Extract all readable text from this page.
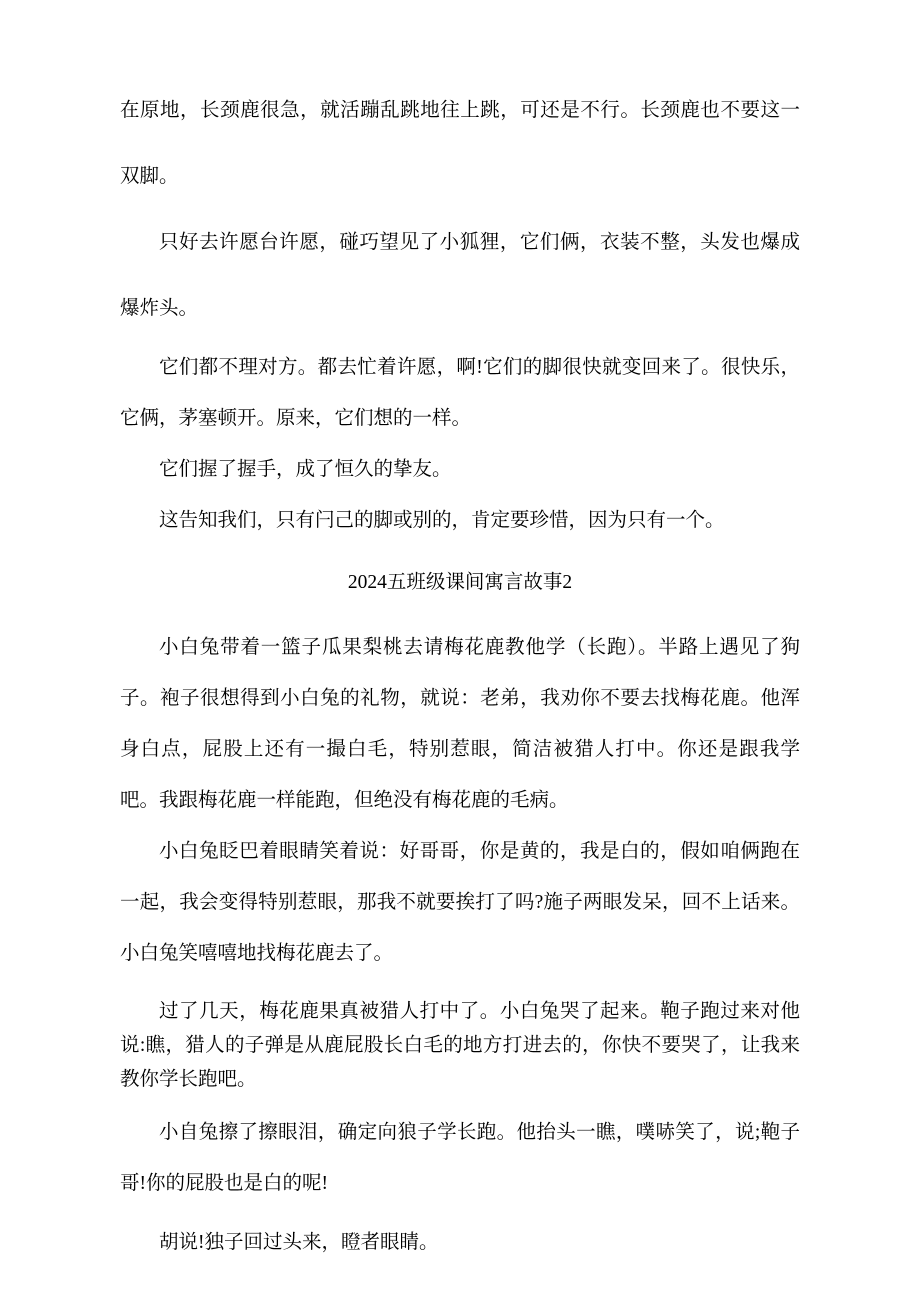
在原地，长颈鹿很急，就活蹦乱跳地往上跳，可还是不行。长颈鹿也不要这一双脚。

只好去许愿台许愿，碰巧望见了小狐狸，它们俩，衣装不整，头发也爆成爆炸头。

它们都不理对方。都去忙着许愿，啊!它们的脚很快就变回来了。很快乐，它俩，茅塞顿开。原来，它们想的一样。

它们握了握手，成了恒久的挚友。

这告知我们，只有闩己的脚或别的，肯定要珍惜，因为只有一个。

2024五班级课间寓言故事2

小白兔带着一篮子瓜果梨桃去请梅花鹿教他学（长跑）。半路上遇见了狗子。袍子很想得到小白兔的礼物，就说：老弟，我劝你不要去找梅花鹿。他浑身白点，屁股上还有一撮白毛，特别惹眼，简洁被猎人打中。你还是跟我学吧。我跟梅花鹿一样能跑，但绝没有梅花鹿的毛病。

小白兔眨巴着眼睛笑着说：好哥哥，你是黄的，我是白的，假如咱俩跑在一起，我会变得特别惹眼，那我不就要挨打了吗?施子两眼发呆，回不上话来。小白兔笑嘻嘻地找梅花鹿去了。

过了几天，梅花鹿果真被猎人打中了。小白兔哭了起来。鞄子跑过来对他说:瞧，猎人的子弹是从鹿屁股长白毛的地方打进去的，你快不要哭了，让我来教你学长跑吧。

小自兔擦了擦眼泪，确定向狼子学长跑。他抬头一瞧，噗哧笑了，说;鞄子哥!你的屁股也是白的呢!

胡说!独子回过头来，瞪者眼睛。
